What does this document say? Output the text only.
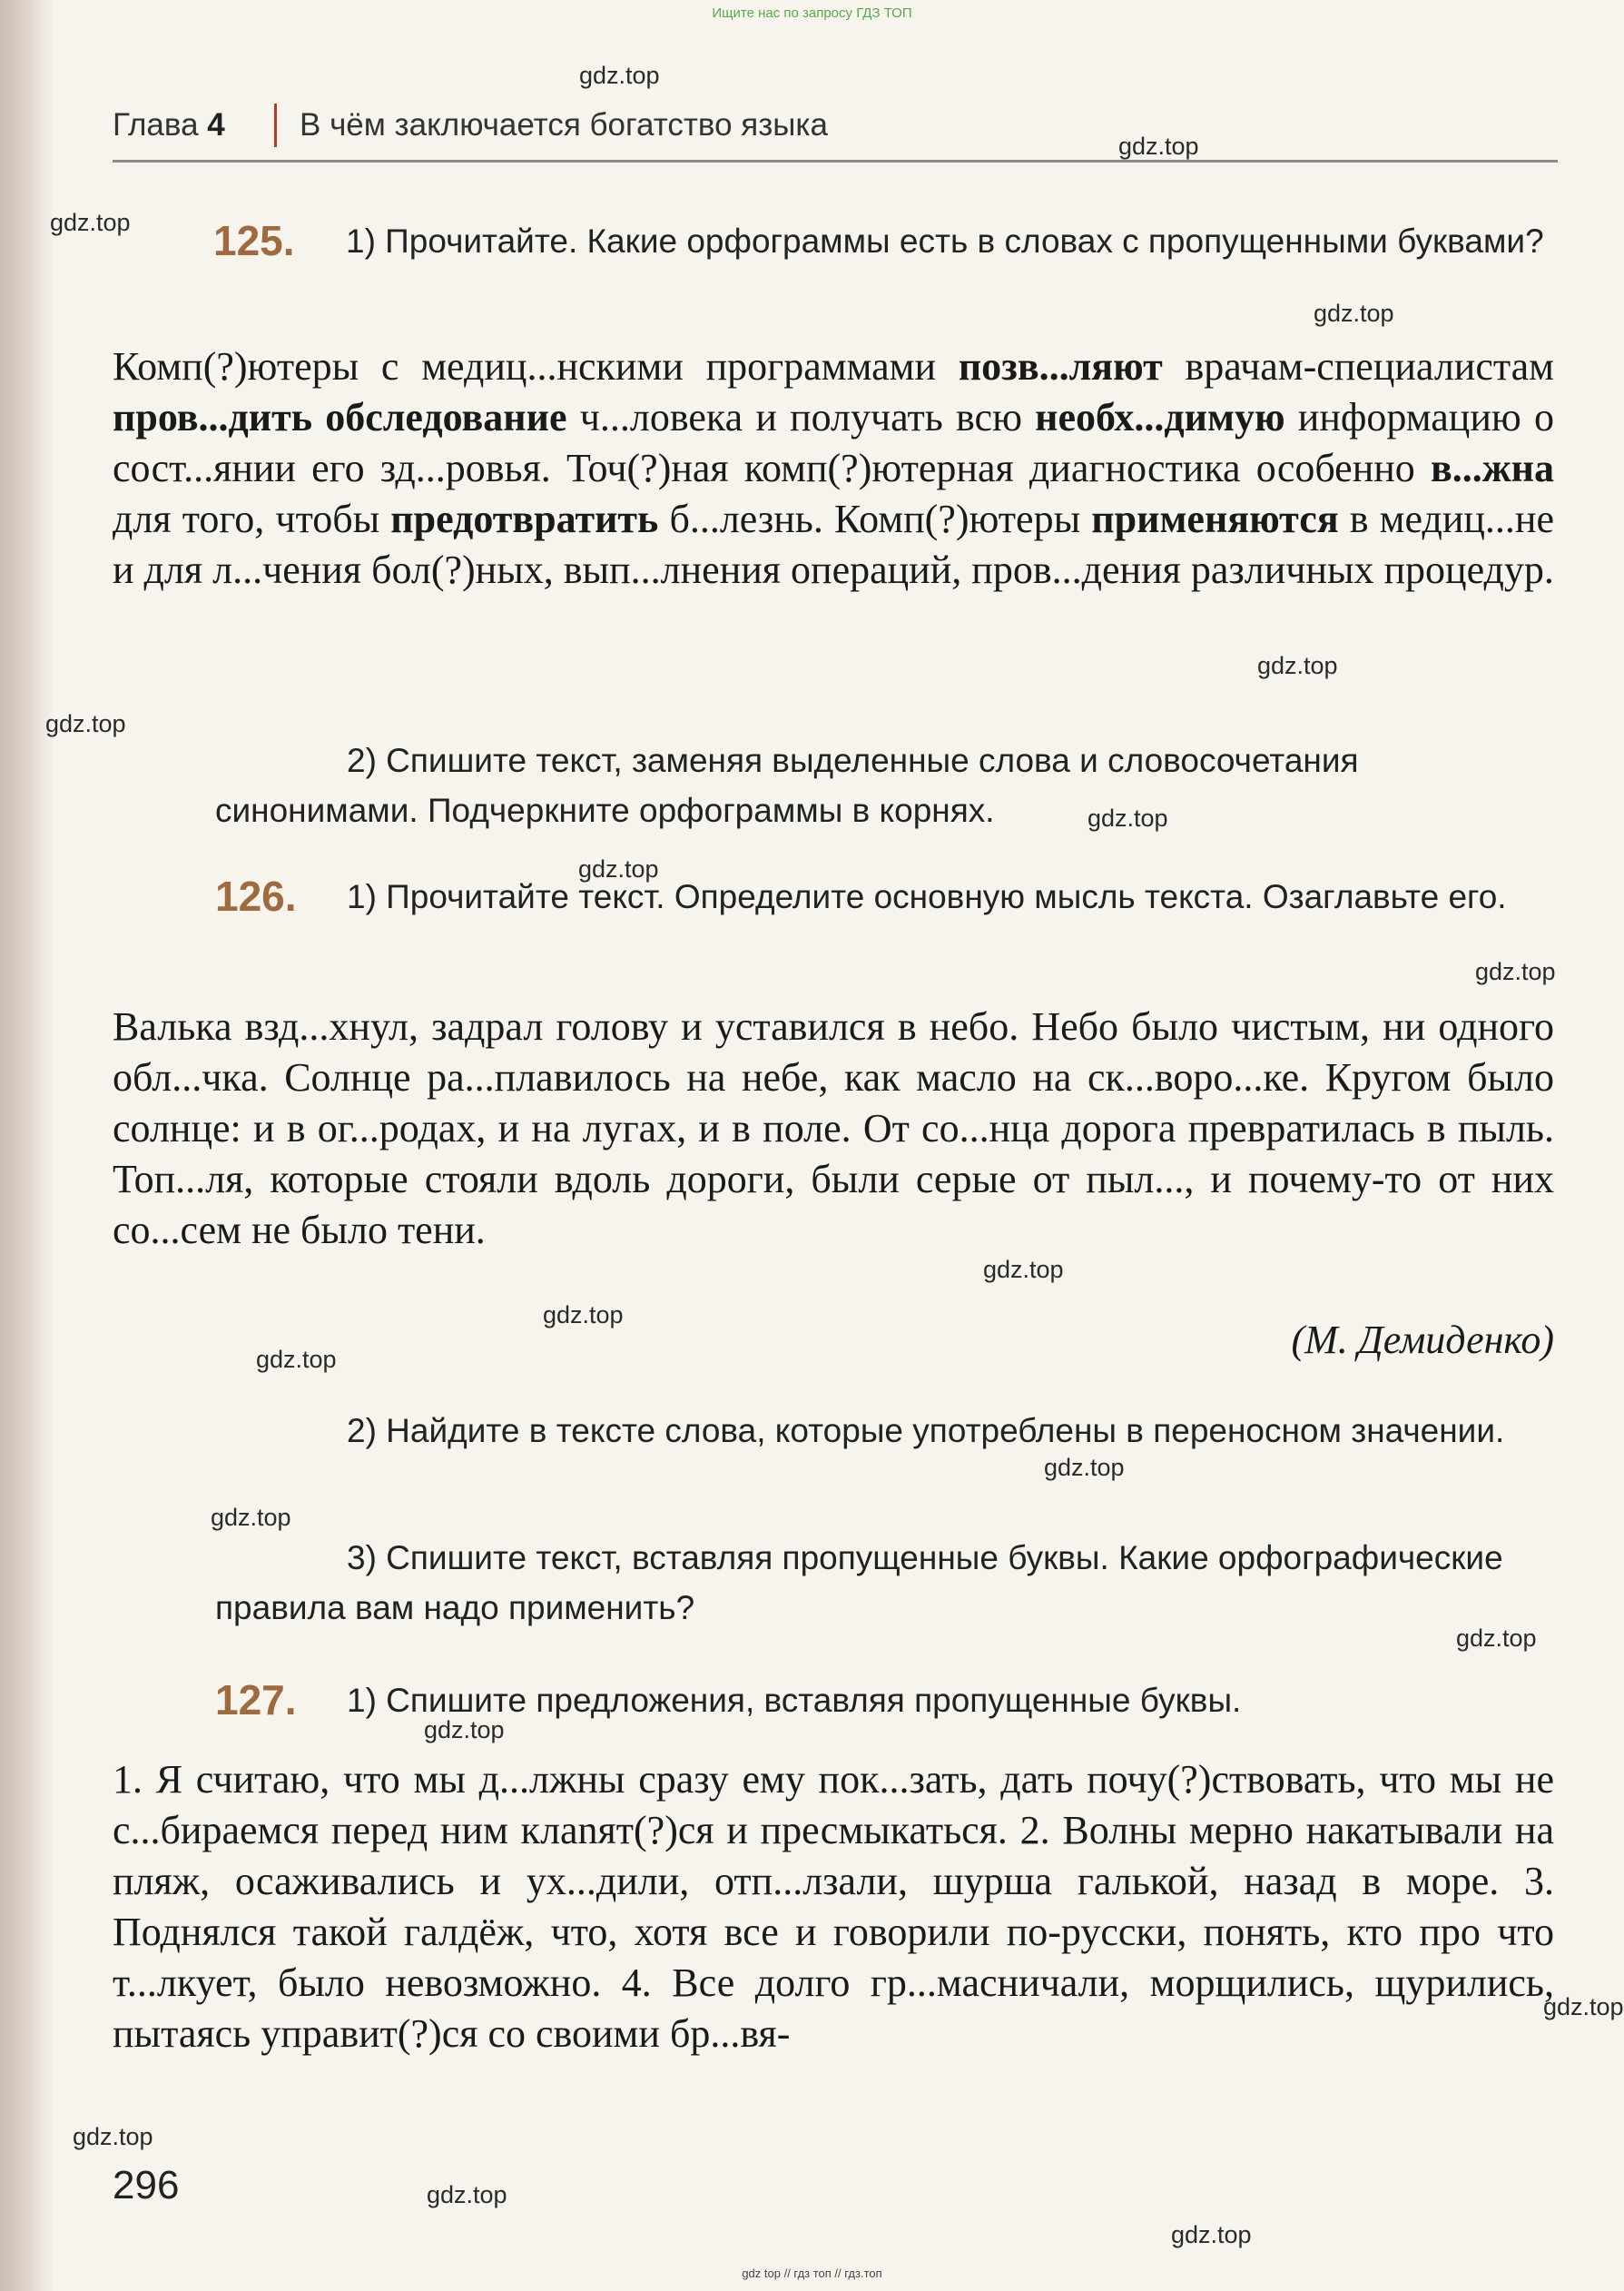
Ищите нас по запросу ГДЗ ТОП
Глава 4 В чём заключается богатство языка
gdz.top
gdz.top
gdz.top
gdz.top
gdz.top
gdz.top
gdz.top
gdz.top
gdz.top
gdz.top
gdz.top
gdz.top
gdz.top
gdz.top
gdz.top
gdz.top
gdz.top
gdz.top
gdz.top
gdz.top
125.	1) Прочитайте. Какие орфограммы есть в словах с пропущенными буквами?

Комп(?)ютеры с медиц...нскими программами позв...ляют врачам-специалистам пров...дить обследование ч...ловека и получать всю необх...димую информацию о сост...янии его зд...ровья. Точ(?)ная комп(?)ютерная диагностика особенно в...жна для того, чтобы предотвратить б...лезнь. Комп(?)ютеры применяются в медиц...не и для л...чения бол(?)ных, вып...лнения операций, пров...дения различных процедур.

2) Спишите текст, заменяя выделенные слова и словосочетания синонимами. Подчеркните орфограммы в корнях.
126.	1) Прочитайте текст. Определите основную мысль текста. Озаглавьте его.

Валька взд...хнул, задрал голову и уставился в небо. Небо было чистым, ни одного обл...чка. Солнце ра...плавилось на небе, как масло на ск...воро...ке. Кругом было солнце: и в ог...родах, и на лугах, и в поле. От со...нца дорога превратилась в пыль. Топ...ля, которые стояли вдоль дороги, были серые от пыл..., и почему-то от них со...сем не было тени.

(М. Демиденко)
2) Найдите в тексте слова, которые употреблены в переносном значении.
3) Спишите текст, вставляя пропущенные буквы. Какие орфографические правила вам надо применить?
127.	1) Спишите предложения, вставляя пропущенные буквы.

1. Я считаю, что мы д...лжны сразу ему пок...зать, дать почу(?)ствовать, что мы не с...бираемся перед ним клanят(?)ся и пресмыкаться. 2. Волны мерно накатывали на пляж, осаживались и ух...дили, отп...лзали, шурша галькой, назад в море. 3. Поднялся такой галдёж, что, хотя все и говорили по-русски, понять, кто про что т...лкует, было невозможно. 4. Все долго гр...масничали, морщились, щурились, пытаясь управит(?)ся со своими бр...вя-

296
gdz top // гдз топ // гдз.топ
